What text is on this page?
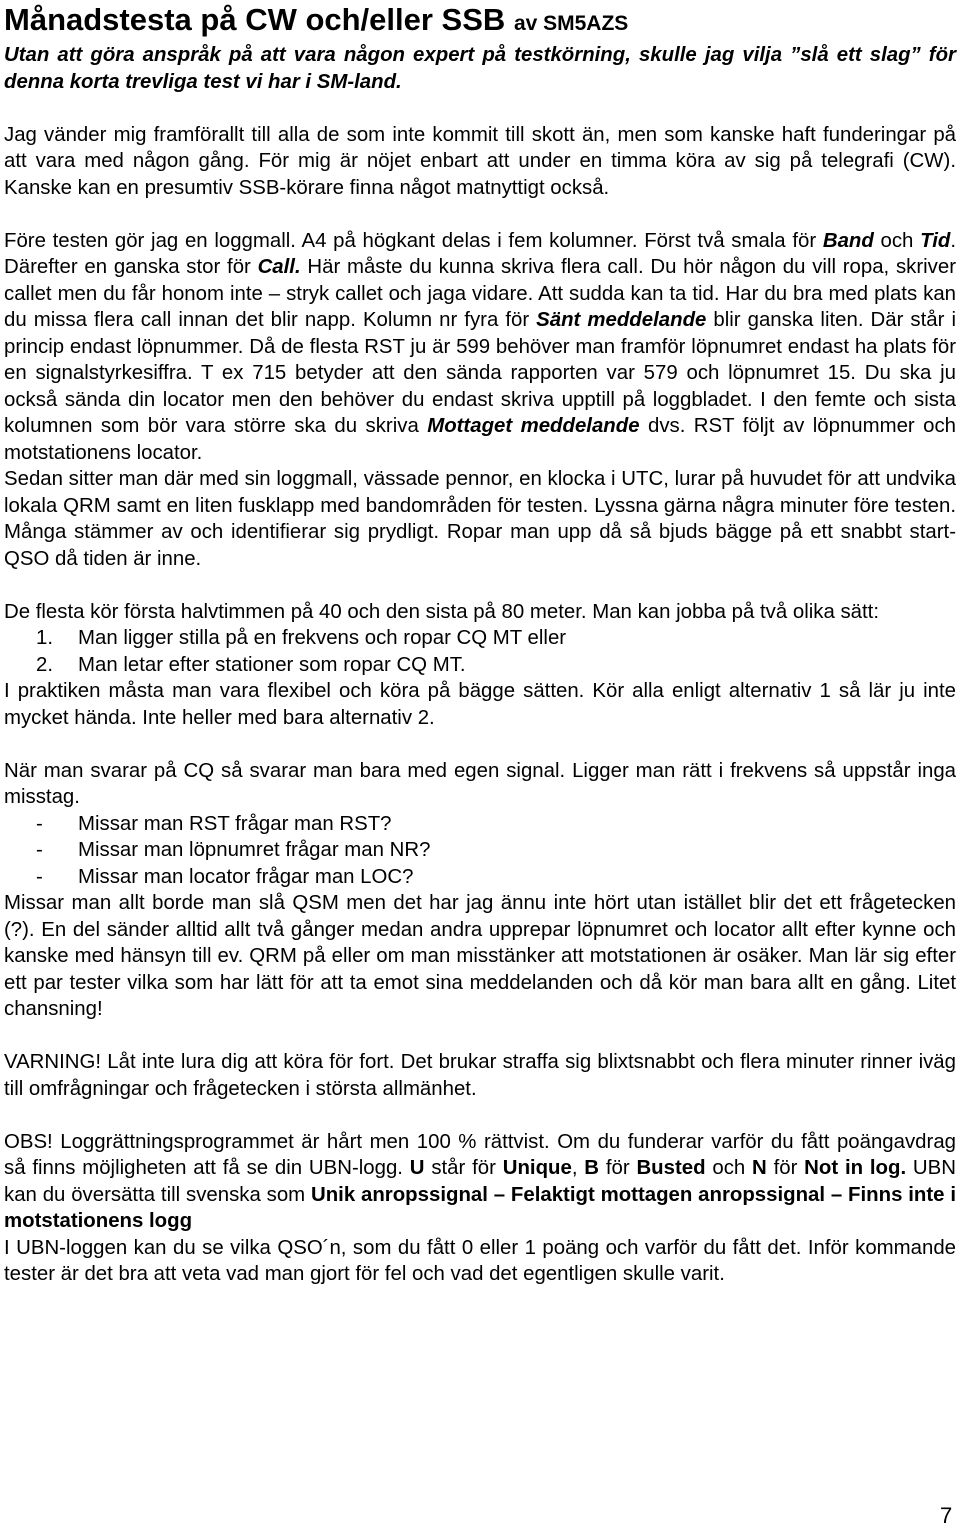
Månadstesta på CW och/eller SSB av SM5AZS

Utan att göra anspråk på att vara någon expert på testkörning, skulle jag vilja ”slå ett slag” för denna korta trevliga test vi har i SM-land.

Jag vänder mig framförallt till alla de som inte kommit till skott än, men som kanske haft funderingar på att vara med någon gång. För mig är nöjet enbart att under en timma köra av sig på telegrafi (CW). Kanske kan en presumtiv SSB-körare finna något matnyttigt också.

Före testen gör jag en loggmall. A4 på högkant delas i fem kolumner. Först två smala för Band och Tid. Därefter en ganska stor för Call. Här måste du kunna skriva flera call. Du hör någon du vill ropa, skriver callet men du får honom inte – stryk callet och jaga vidare. Att sudda kan ta tid. Har du bra med plats kan du missa flera call innan det blir napp. Kolumn nr fyra för Sänt meddelande blir ganska liten. Där står i princip endast löpnummer. Då de flesta RST ju är 599 behöver man framför löpnumret endast ha plats för en signalstyrkesiffra. T ex 715 betyder att den sända rapporten var 579 och löpnumret 15. Du ska ju också sända din locator men den behöver du endast skriva upptill på loggbladet. I den femte och sista kolumnen som bör vara större ska du skriva Mottaget meddelande dvs. RST följt av löpnummer och motstationens locator.

Sedan sitter man där med sin loggmall, vässade pennor, en klocka i UTC, lurar på huvudet för att undvika lokala QRM samt en liten fusklapp med bandområden för testen. Lyssna gärna några minuter före testen. Många stämmer av och identifierar sig prydligt. Ropar man upp då så bjuds bägge på ett snabbt start-QSO då tiden är inne.

De flesta kör första halvtimmen på 40 och den sista på 80 meter. Man kan jobba på två olika sätt:

1. Man ligger stilla på en frekvens och ropar CQ MT eller
2. Man letar efter stationer som ropar CQ MT.

I praktiken måsta man vara flexibel och köra på bägge sätten. Kör alla enligt alternativ 1 så lär ju inte mycket hända. Inte heller med bara alternativ 2.

När man svarar på CQ så svarar man bara med egen signal. Ligger man rätt i frekvens så uppstår inga misstag.

- Missar man RST frågar man RST?
- Missar man löpnumret frågar man NR?
- Missar man locator frågar man LOC?

Missar man allt borde man slå QSM men det har jag ännu inte hört utan istället blir det ett frågetecken (?). En del sänder alltid allt två gånger medan andra upprepar löpnumret och locator allt efter kynne och kanske med hänsyn till ev. QRM på eller om man misstänker att motstationen är osäker. Man lär sig efter ett par tester vilka som har lätt för att ta emot sina meddelanden och då kör man bara allt en gång. Litet chansning!

VARNING! Låt inte lura dig att köra för fort. Det brukar straffa sig blixtsnabbt och flera minuter rinner iväg till omfrågningar och frågetecken i största allmänhet.

OBS! Loggrättningsprogrammet är hårt men 100 % rättvist. Om du funderar varför du fått poängavdrag så finns möjligheten att få se din UBN-logg. U står för Unique, B för Busted och N för Not in log. UBN kan du översätta till svenska som Unik anropssignal – Felaktigt mottagen anropssignal – Finns inte i motstationens logg

I UBN-loggen kan du se vilka QSO´n, som du fått 0 eller 1 poäng och varför du fått det. Inför kommande tester är det bra att veta vad man gjort för fel och vad det egentligen skulle varit.

7
